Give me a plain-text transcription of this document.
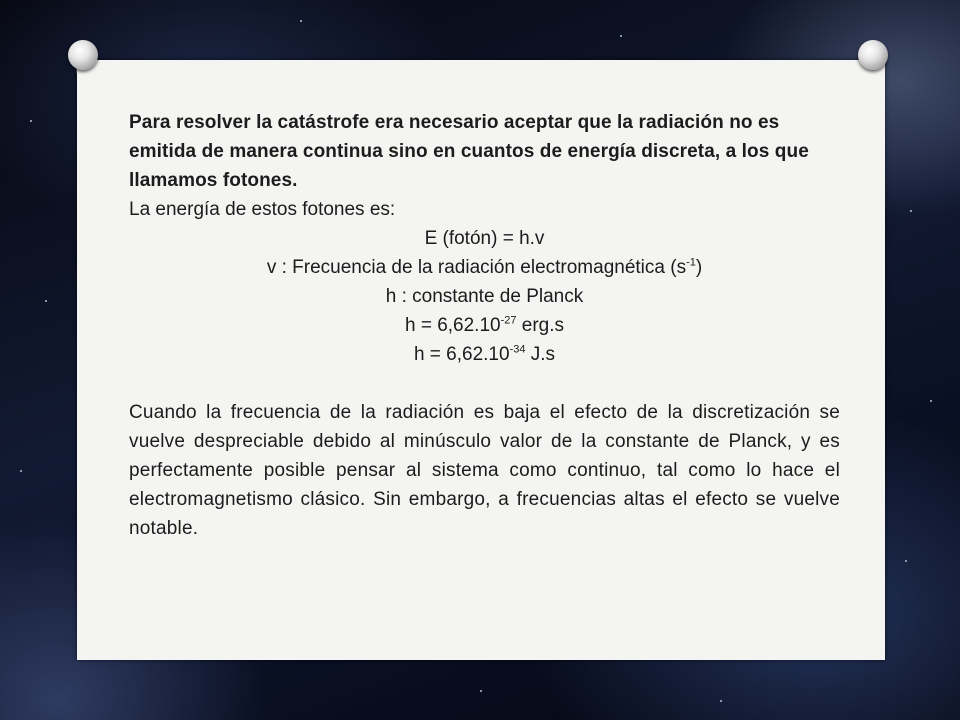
Para resolver la catástrofe era necesario aceptar que la radiación no es emitida de manera continua sino en cuantos de energía discreta, a los que llamamos fotones.

La energía de estos fotones es:

E (fotón) = h.v

v : Frecuencia de la radiación electromagnética $(s^{-1})$

h : constante de Planck

$h = 6,62.10^{-27}$ erg.s

$h = 6,62.10^{-34}$ J.s

Cuando la frecuencia de la radiación es baja el efecto de la discretización se vuelve despreciable debido al minúsculo valor de la constante de Planck, y es perfectamente posible pensar al sistema como continuo, tal como lo hace el electromagnetismo clásico. Sin embargo, a frecuencias altas el efecto se vuelve notable.
